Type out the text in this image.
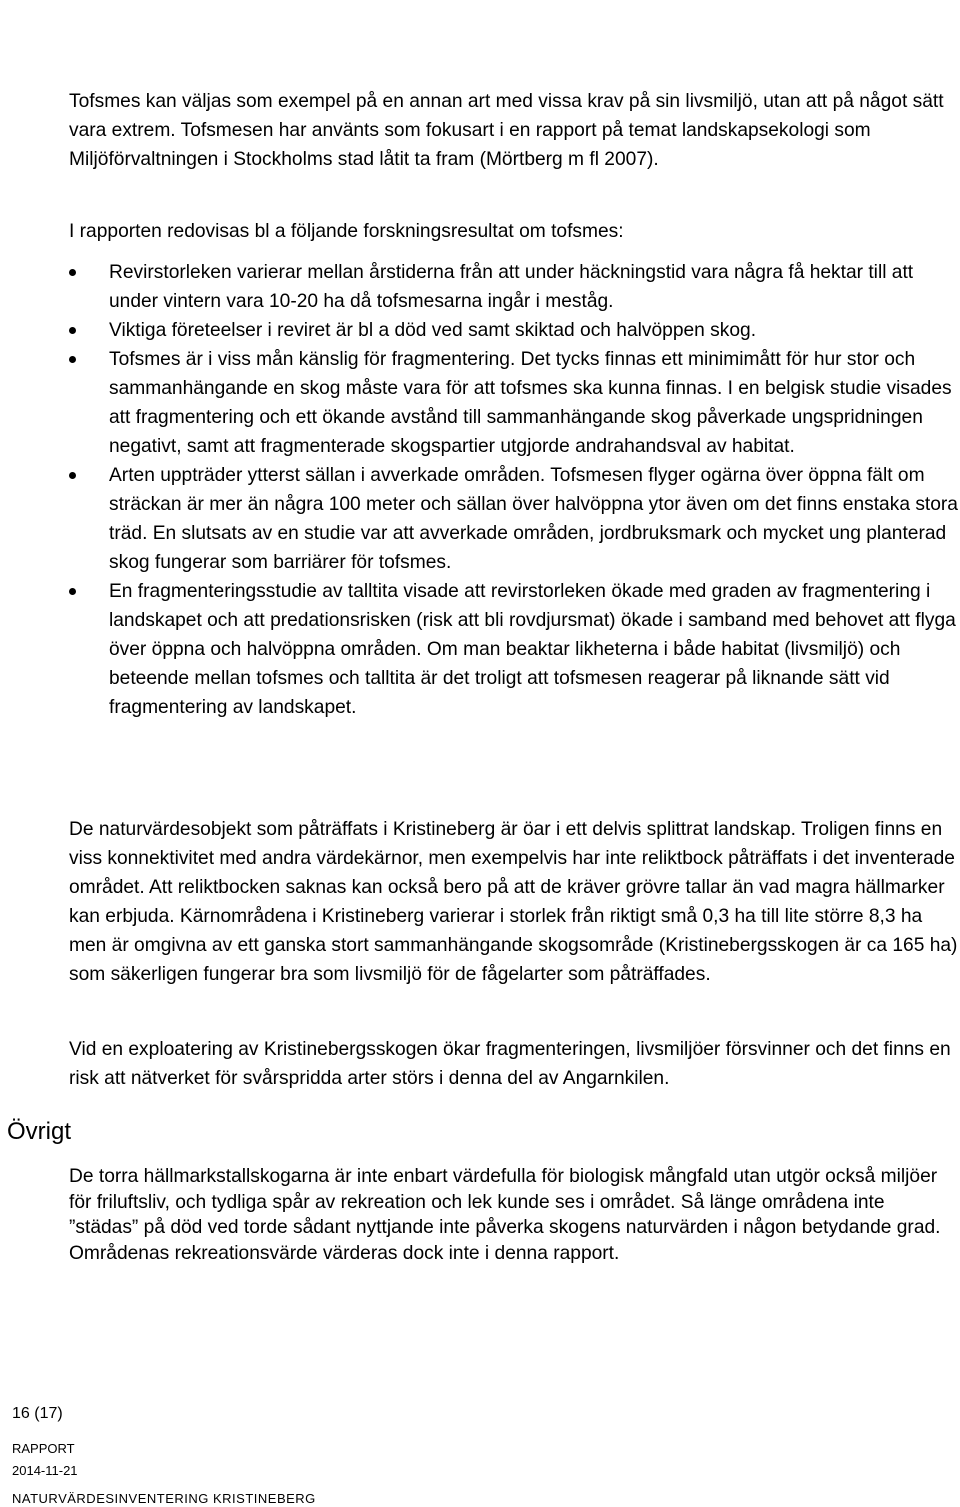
Tofsmes kan väljas som exempel på en annan art med vissa krav på sin livsmiljö, utan att på något sätt vara extrem. Tofsmesen har använts som fokusart i en rapport på temat landskapsekologi som Miljöförvaltningen i Stockholms stad låtit ta fram (Mörtberg m fl 2007).
I rapporten redovisas bl a följande forskningsresultat om tofsmes:
Revirstorleken varierar mellan årstiderna från att under häckningstid vara några få hektar till att under vintern vara 10-20 ha då tofsmesarna ingår i meståg.
Viktiga företeelser i reviret är bl a död ved samt skiktad och halvöppen skog.
Tofsmes är i viss mån känslig för fragmentering. Det tycks finnas ett minimimått för hur stor och sammanhängande en skog måste vara för att tofsmes ska kunna finnas. I en belgisk studie visades att fragmentering och ett ökande avstånd till sammanhängande skog påverkade ungspridningen negativt, samt att fragmenterade skogspartier utgjorde andrahandsval av habitat.
Arten uppträder ytterst sällan i avverkade områden. Tofsmesen flyger ogärna över öppna fält om sträckan är mer än några 100 meter och sällan över halvöppna ytor även om det finns enstaka stora träd. En slutsats av en studie var att avverkade områden, jordbruksmark och mycket ung planterad skog fungerar som barriärer för tofsmes.
En fragmenteringsstudie av talltita visade att revirstorleken ökade med graden av fragmentering i landskapet och att predationsrisken (risk att bli rovdjursmat) ökade i samband med behovet att flyga över öppna och halvöppna områden. Om man beaktar likheterna i både habitat (livsmiljö) och beteende mellan tofsmes och talltita är det troligt att tofsmesen reagerar på liknande sätt vid fragmentering av landskapet.
De naturvärdesobjekt som påträffats i Kristineberg är öar i ett delvis splittrat landskap. Troligen finns en viss konnektivitet med andra värdekärnor, men exempelvis har inte reliktbock påträffats i det inventerade området. Att reliktbocken saknas kan också bero på att de kräver grövre tallar än vad magra hällmarker kan erbjuda. Kärnområdena i Kristineberg varierar i storlek från riktigt små 0,3 ha till lite större 8,3 ha men är omgivna av ett ganska stort sammanhängande skogsområde (Kristinebergsskogen är ca 165 ha) som säkerligen fungerar bra som livsmiljö för de fågelarter som påträffades.
Vid en exploatering av Kristinebergsskogen ökar fragmenteringen, livsmiljöer försvinner och det finns en risk att nätverket för svårspridda arter störs i denna del av Angarnkilen.
Övrigt
De torra hällmarkstallskogarna är inte enbart värdefulla för biologisk mångfald utan utgör också miljöer för friluftsliv, och tydliga spår av rekreation och lek kunde ses i området. Så länge områdena inte ”städas” på död ved torde sådant nyttjande inte påverka skogens naturvärden i någon betydande grad. Områdenas rekreationsvärde värderas dock inte i denna rapport.
16 (17)
RAPPORT
2014-11-21
NATURVÄRDESINVENTERING KRISTINEBERG
